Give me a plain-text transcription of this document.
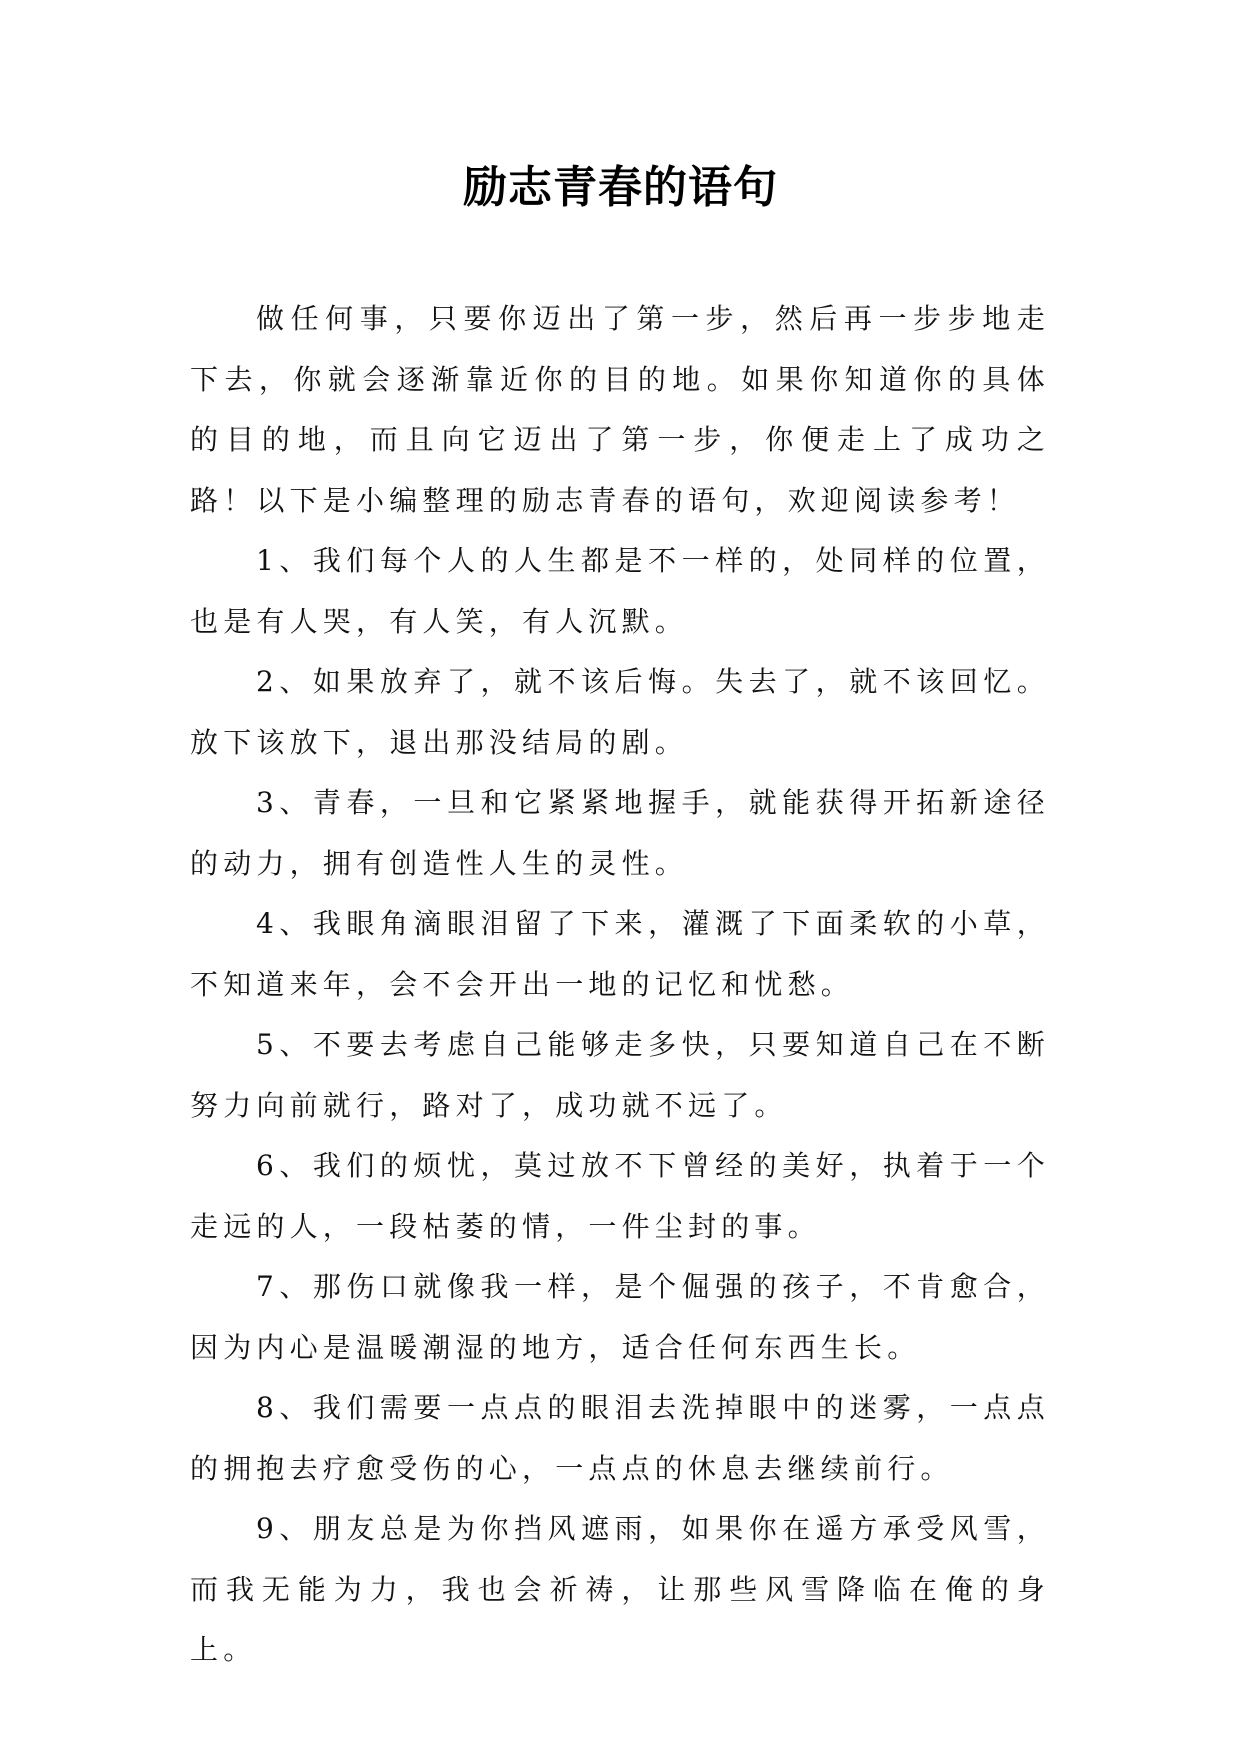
励志青春的语句

做任何事，只要你迈出了第一步，然后再一步步地走下去，你就会逐渐靠近你的目的地。如果你知道你的具体的目的地，而且向它迈出了第一步，你便走上了成功之路！以下是小编整理的励志青春的语句，欢迎阅读参考！

1、我们每个人的人生都是不一样的，处同样的位置，也是有人哭，有人笑，有人沉默。

2、如果放弃了，就不该后悔。失去了，就不该回忆。放下该放下，退出那没结局的剧。

3、青春，一旦和它紧紧地握手，就能获得开拓新途径的动力，拥有创造性人生的灵性。

4、我眼角滴眼泪留了下来，灌溉了下面柔软的小草，不知道来年，会不会开出一地的记忆和忧愁。

5、不要去考虑自己能够走多快，只要知道自己在不断努力向前就行，路对了，成功就不远了。

6、我们的烦忧，莫过放不下曾经的美好，执着于一个走远的人，一段枯萎的情，一件尘封的事。

7、那伤口就像我一样，是个倔强的孩子，不肯愈合，因为内心是温暖潮湿的地方，适合任何东西生长。

8、我们需要一点点的眼泪去洗掉眼中的迷雾，一点点的拥抱去疗愈受伤的心，一点点的休息去继续前行。

9、朋友总是为你挡风遮雨，如果你在遥方承受风雪，而我无能为力，我也会祈祷，让那些风雪降临在俺的身上。
